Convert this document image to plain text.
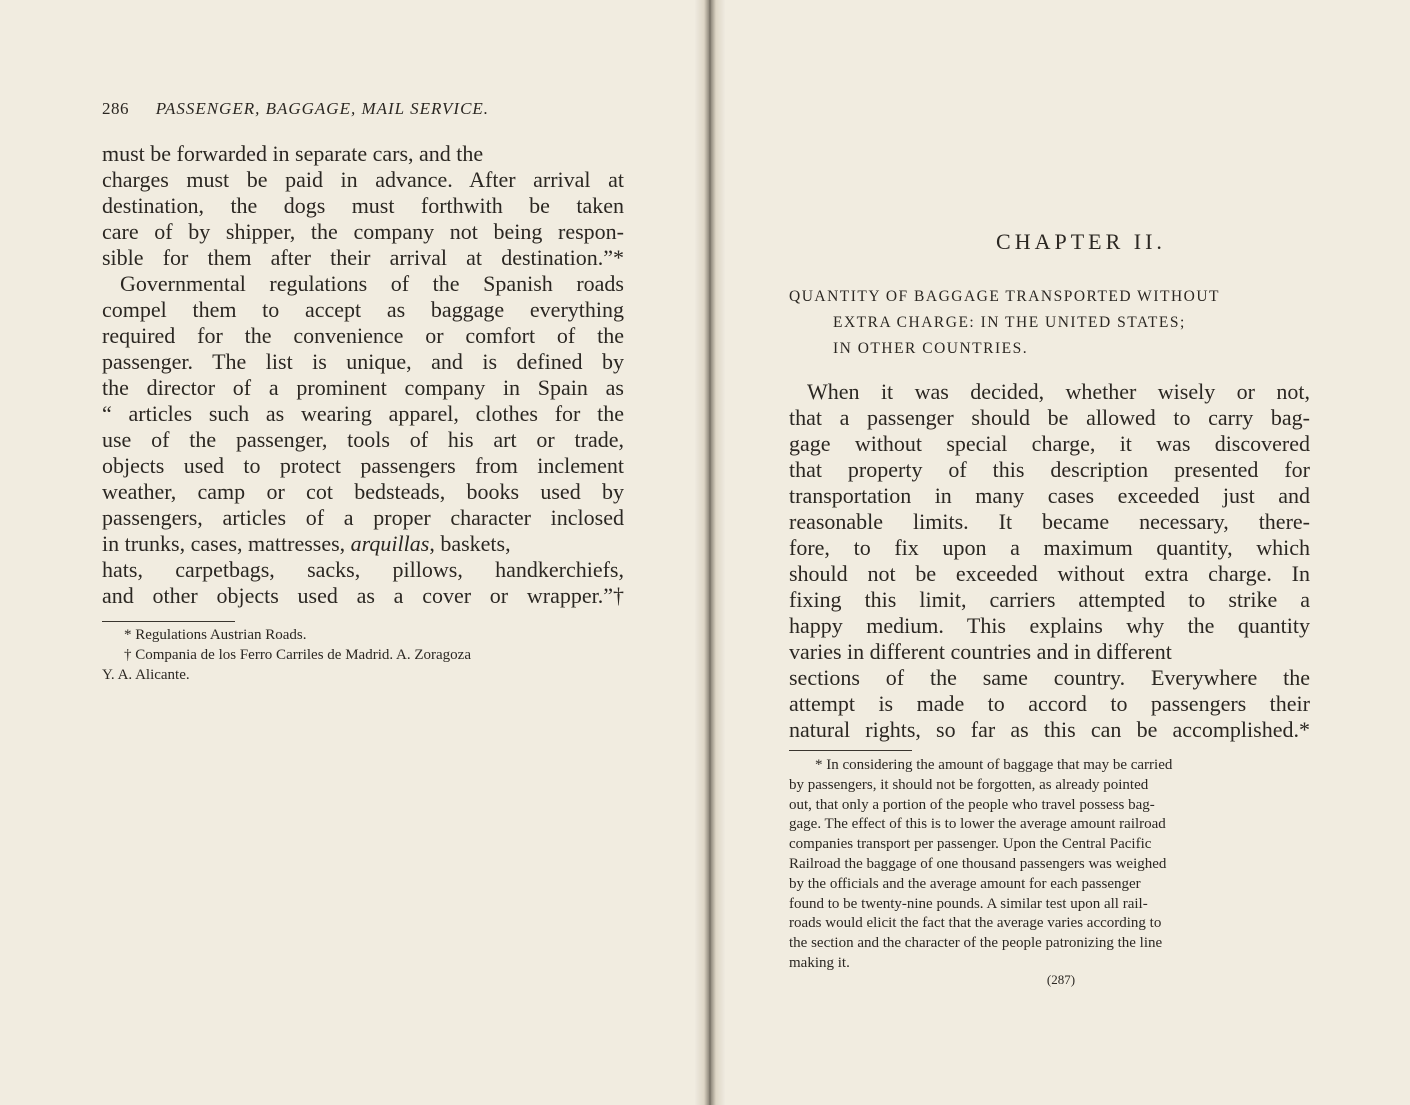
286 PASSENGER, BAGGAGE, MAIL SERVICE.
must be forwarded in separate cars, and the
charges must be paid in advance. After arrival at
destination, the dogs must forthwith be taken
care of by shipper, the company not being respon-
sible for them after their arrival at destination.”*
Governmental regulations of the Spanish roads
compel them to accept as baggage everything
required for the convenience or comfort of the
passenger. The list is unique, and is defined by
the director of a prominent company in Spain as
“ articles such as wearing apparel, clothes for the
use of the passenger, tools of his art or trade,
objects used to protect passengers from inclement
weather, camp or cot bedsteads, books used by
passengers, articles of a proper character inclosed
in trunks, cases, mattresses, arquillas, baskets,
hats, carpetbags, sacks, pillows, handkerchiefs,
and other objects used as a cover or wrapper.”†
* Regulations Austrian Roads.
† Compania de los Ferro Carriles de Madrid. A. Zoragoza
Y. A. Alicante.
CHAPTER II.
QUANTITY OF BAGGAGE TRANSPORTED WITHOUT
EXTRA CHARGE: IN THE UNITED STATES;
IN OTHER COUNTRIES.
When it was decided, whether wisely or not,
that a passenger should be allowed to carry bag-
gage without special charge, it was discovered
that property of this description presented for
transportation in many cases exceeded just and
reasonable limits. It became necessary, there-
fore, to fix upon a maximum quantity, which
should not be exceeded without extra charge. In
fixing this limit, carriers attempted to strike a
happy medium. This explains why the quantity
varies in different countries and in different
sections of the same country. Everywhere the
attempt is made to accord to passengers their
natural rights, so far as this can be accomplished.*
* In considering the amount of baggage that may be carried
by passengers, it should not be forgotten, as already pointed
out, that only a portion of the people who travel possess bag-
gage. The effect of this is to lower the average amount railroad
companies transport per passenger. Upon the Central Pacific
Railroad the baggage of one thousand passengers was weighed
by the officials and the average amount for each passenger
found to be twenty-nine pounds. A similar test upon all rail-
roads would elicit the fact that the average varies according to
the section and the character of the people patronizing the line
making it.
(287)
